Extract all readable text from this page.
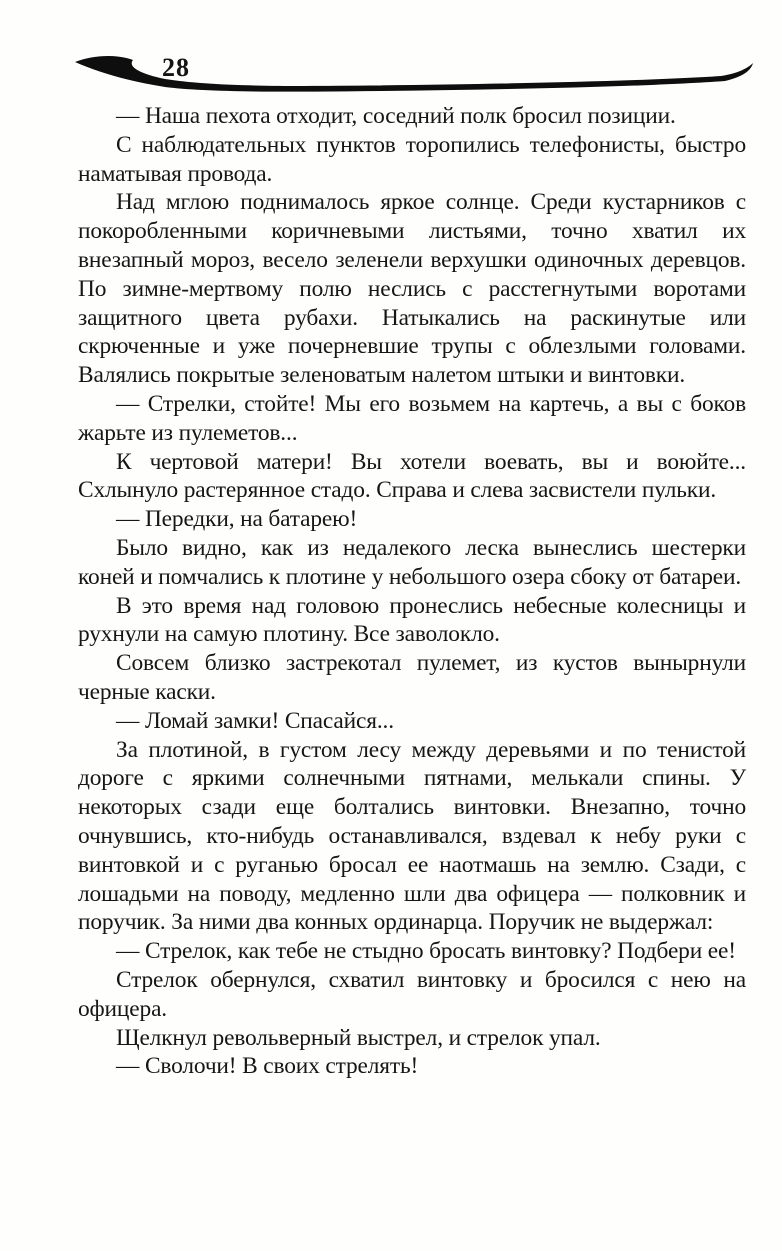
28

— Наша пехота отходит, соседний полк бросил позиции.

С наблюдательных пунктов торопились телефонисты, быстро наматывая провода.

Над мглою поднималось яркое солнце. Среди кустарников с покоробленными коричневыми листьями, точно хватил их внезапный мороз, весело зеленели верхушки одиночных деревцов. По зимне-мертвому полю неслись с расстегнутыми воротами защитного цвета рубахи. Натыкались на раскинутые или скрюченные и уже почерневшие трупы с облезлыми головами. Валялись покрытые зеленоватым налетом штыки и винтовки.

— Стрелки, стойте! Мы его возьмем на картечь, а вы с боков жарьте из пулеметов...

К чертовой матери! Вы хотели воевать, вы и воюйте... Схлынуло растерянное стадо. Справа и слева засвистели пульки.

— Передки, на батарею!

Было видно, как из недалекого леска вынеслись шестерки коней и помчались к плотине у небольшого озера сбоку от батареи.

В это время над головою пронеслись небесные колесницы и рухнули на самую плотину. Все заволокло.

Совсем близко застрекотал пулемет, из кустов вынырнули черные каски.

— Ломай замки! Спасайся...

За плотиной, в густом лесу между деревьями и по тенистой дороге с яркими солнечными пятнами, мелькали спины. У некоторых сзади еще болтались винтовки. Внезапно, точно очнувшись, кто-нибудь останавливался, вздевал к небу руки с винтовкой и с руганью бросал ее наотмашь на землю. Сзади, с лошадьми на поводу, медленно шли два офицера — полковник и поручик. За ними два конных ординарца. Поручик не выдержал:

— Стрелок, как тебе не стыдно бросать винтовку? Подбери ее!

Стрелок обернулся, схватил винтовку и бросился с нею на офицера.

Щелкнул револьверный выстрел, и стрелок упал.

— Сволочи! В своих стрелять!
